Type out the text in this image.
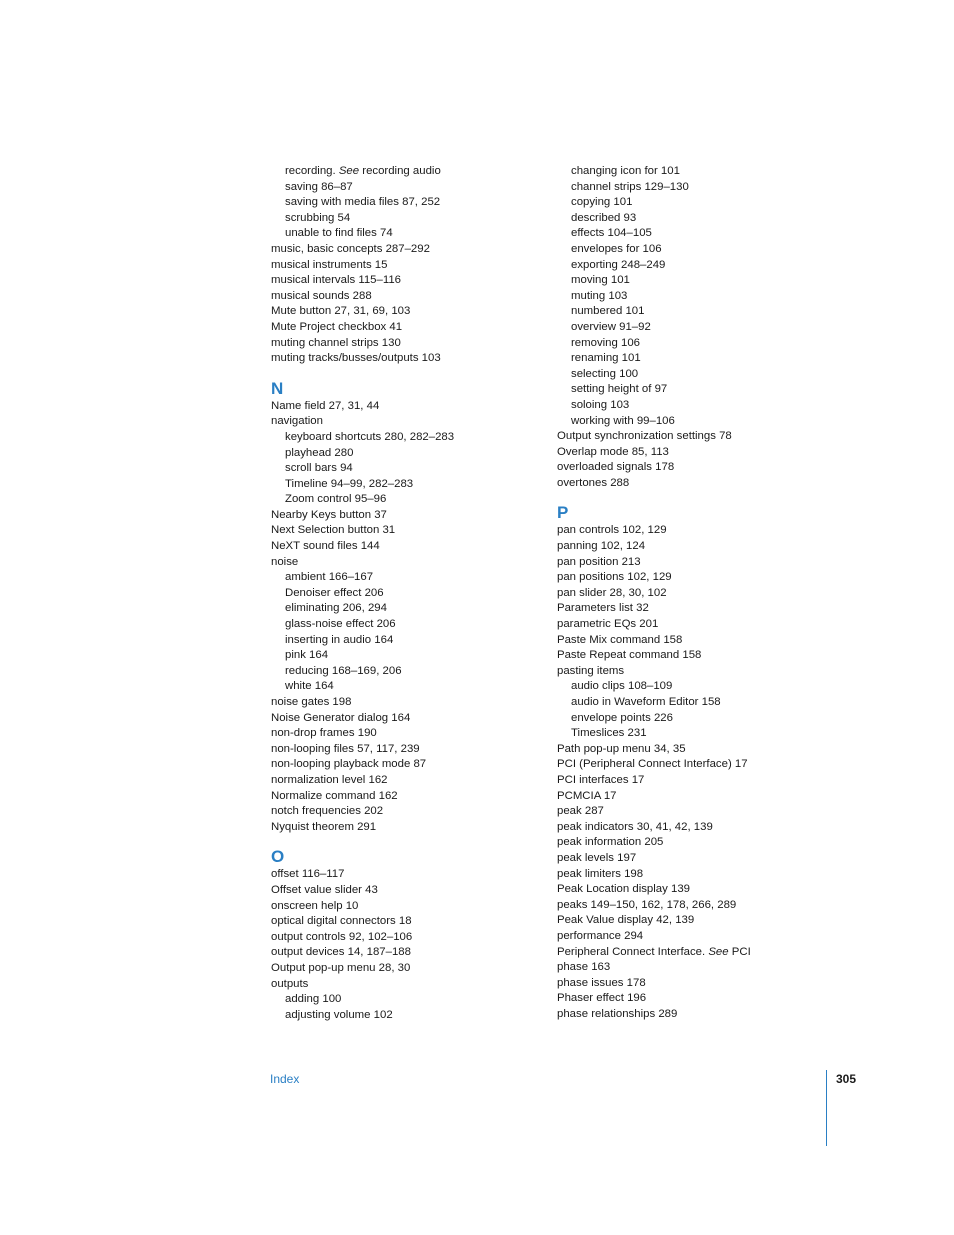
recording. See recording audio
saving 86–87
saving with media files 87, 252
scrubbing 54
unable to find files 74
music, basic concepts 287–292
musical instruments 15
musical intervals 115–116
musical sounds 288
Mute button 27, 31, 69, 103
Mute Project checkbox 41
muting channel strips 130
muting tracks/busses/outputs 103
N
Name field 27, 31, 44
navigation
keyboard shortcuts 280, 282–283
playhead 280
scroll bars 94
Timeline 94–99, 282–283
Zoom control 95–96
Nearby Keys button 37
Next Selection button 31
NeXT sound files 144
noise
ambient 166–167
Denoiser effect 206
eliminating 206, 294
glass-noise effect 206
inserting in audio 164
pink 164
reducing 168–169, 206
white 164
noise gates 198
Noise Generator dialog 164
non-drop frames 190
non-looping files 57, 117, 239
non-looping playback mode 87
normalization level 162
Normalize command 162
notch frequencies 202
Nyquist theorem 291
O
offset 116–117
Offset value slider 43
onscreen help 10
optical digital connectors 18
output controls 92, 102–106
output devices 14, 187–188
Output pop-up menu 28, 30
outputs
adding 100
adjusting volume 102
changing icon for 101
channel strips 129–130
copying 101
described 93
effects 104–105
envelopes for 106
exporting 248–249
moving 101
muting 103
numbered 101
overview 91–92
removing 106
renaming 101
selecting 100
setting height of 97
soloing 103
working with 99–106
Output synchronization settings 78
Overlap mode 85, 113
overloaded signals 178
overtones 288
P
pan controls 102, 129
panning 102, 124
pan position 213
pan positions 102, 129
pan slider 28, 30, 102
Parameters list 32
parametric EQs 201
Paste Mix command 158
Paste Repeat command 158
pasting items
audio clips 108–109
audio in Waveform Editor 158
envelope points 226
Timeslices 231
Path pop-up menu 34, 35
PCI (Peripheral Connect Interface) 17
PCI interfaces 17
PCMCIA 17
peak 287
peak indicators 30, 41, 42, 139
peak information 205
peak levels 197
peak limiters 198
Peak Location display 139
peaks 149–150, 162, 178, 266, 289
Peak Value display 42, 139
performance 294
Peripheral Connect Interface. See PCI
phase 163
phase issues 178
Phaser effect 196
phase relationships 289
Index	305
